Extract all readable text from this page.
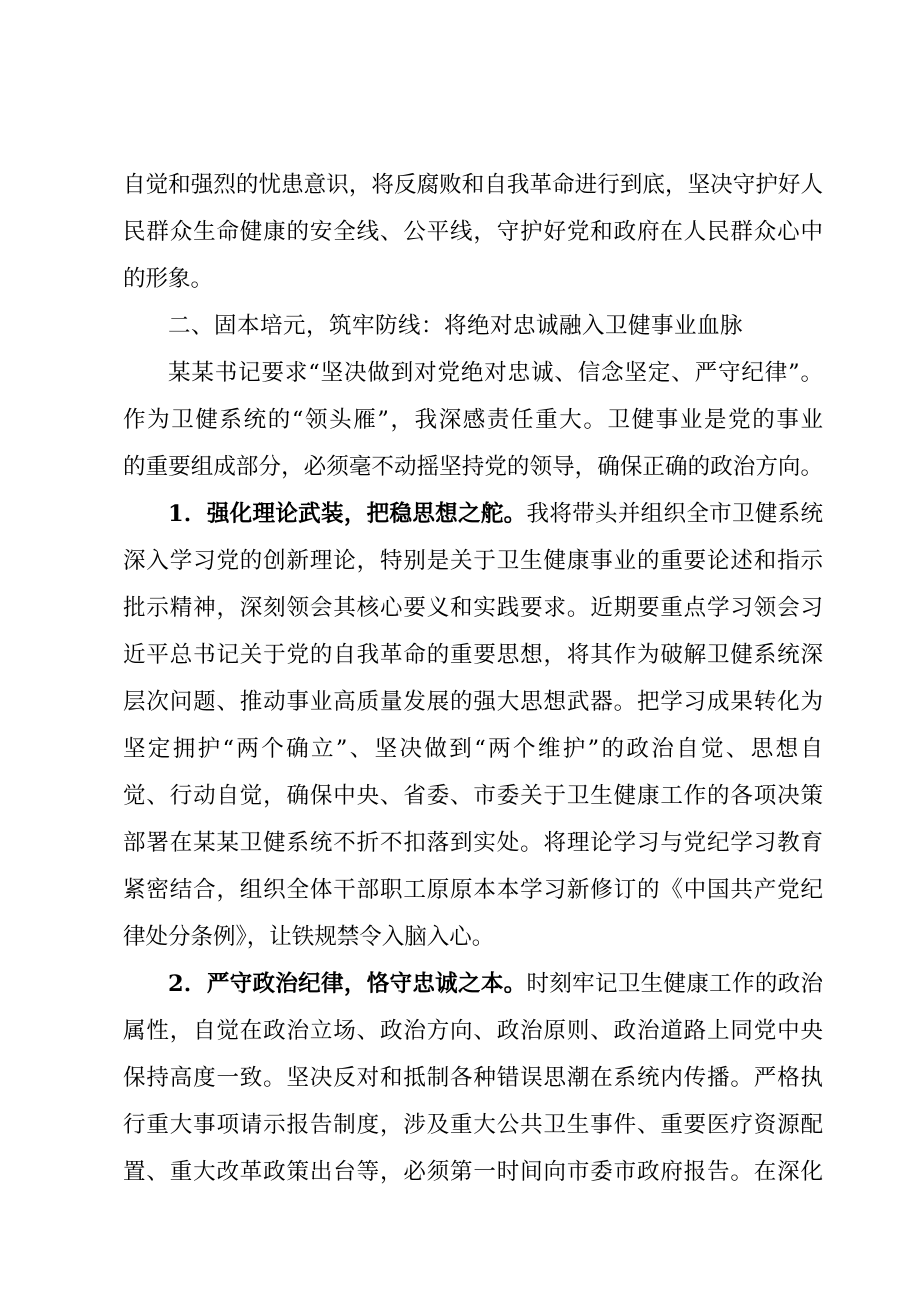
自觉和强烈的忧患意识，将反腐败和自我革命进行到底，坚决守护好人
民群众生命健康的安全线、公平线，守护好党和政府在人民群众心中
的形象。
二、固本培元，筑牢防线：将绝对忠诚融入卫健事业血脉
某某书记要求“坚决做到对党绝对忠诚、信念坚定、严守纪律”。
作为卫健系统的“领头雁”，我深感责任重大。卫健事业是党的事业
的重要组成部分，必须毫不动摇坚持党的领导，确保正确的政治方向。
1．强化理论武装，把稳思想之舵。我将带头并组织全市卫健系统
深入学习党的创新理论，特别是关于卫生健康事业的重要论述和指示
批示精神，深刻领会其核心要义和实践要求。近期要重点学习领会习
近平总书记关于党的自我革命的重要思想，将其作为破解卫健系统深
层次问题、推动事业高质量发展的强大思想武器。把学习成果转化为
坚定拥护“两个确立”、坚决做到“两个维护”的政治自觉、思想自
觉、行动自觉，确保中央、省委、市委关于卫生健康工作的各项决策
部署在某某卫健系统不折不扣落到实处。将理论学习与党纪学习教育
紧密结合，组织全体干部职工原原本本学习新修订的《中国共产党纪
律处分条例》，让铁规禁令入脑入心。
2．严守政治纪律，恪守忠诚之本。时刻牢记卫生健康工作的政治
属性，自觉在政治立场、政治方向、政治原则、政治道路上同党中央
保持高度一致。坚决反对和抵制各种错误思潮在系统内传播。严格执
行重大事项请示报告制度，涉及重大公共卫生事件、重要医疗资源配
置、重大改革政策出台等，必须第一时间向市委市政府报告。在深化
